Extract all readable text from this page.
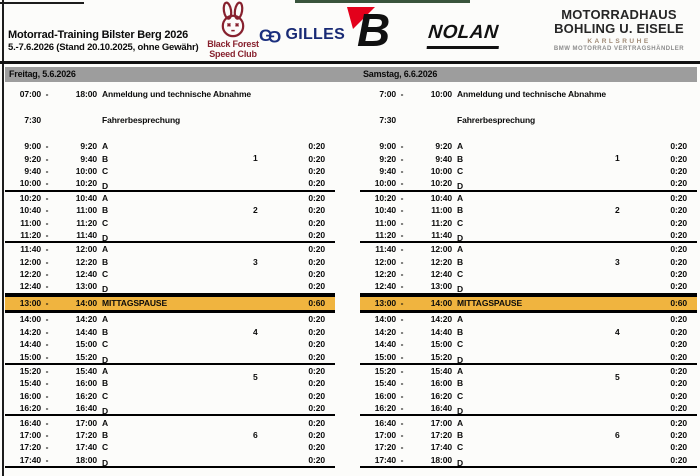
Motorrad-Training Bilster Berg 2026
5.-7.6.2026 (Stand 20.10.2025, ohne Gewähr) Black Forest
Speed Club
GG GILLES B NOLAN
MOTORRADHAUS
BOHLING U. EISELE
KARLSRUHE
BMW MOTORRAD VERTRAGSHÄNDLER
Freitag, 5.6.2026	Samstag, 6.6.2026
07:00 -	18:00 Anmeldung und technische Abnahme
7:30	Fahrerbesprechung
9:00 -	9:20 A	0:20
9:20 -	9:40 B	0:20
9:40 -	10:00 C	0:20
10:00 -	10:20 D	0:20
1
10:20 -	10:40 A	0:20
10:40 -	11:00 B	0:20
11:00 -	11:20 C	0:20
11:20 -	11:40 D	0:20
2
11:40 -	12:00 A	0:20
12:00 -	12:20 B	0:20
12:20 -	12:40 C	0:20
12:40 -	13:00 D	0:20
3
13:00 -	14:00 MITTAGSPAUSE	0:60
14:00 -	14:20 A	0:20
14:20 -	14:40 B	0:20
14:40 -	15:00 C	0:20
15:00 -	15:20 D	0:20
4
15:20 -	15:40 A	0:20
15:40 -	16:00 B	0:20
16:00 -	16:20 C	0:20
16:20 -	16:40 D	0:20
5
16:40 -	17:00 A	0:20
17:00 -	17:20 B	0:20
17:20 -	17:40 C	0:20
17:40 -	18:00 D	0:20
6
7:00 -	10:00 Anmeldung und technische Abnahme
7:30	Fahrerbesprechung
9:00 -	9:20 A	0:20
9:20 -	9:40 B	0:20
9:40 -	10:00 C	0:20
10:00 -	10:20 D	0:20
1
10:20 -	10:40 A	0:20
10:40 -	11:00 B	0:20
11:00 -	11:20 C	0:20
11:20 -	11:40 D	0:20
2
11:40 -	12:00 A	0:20
12:00 -	12:20 B	0:20
12:20 -	12:40 C	0:20
12:40 -	13:00 D	0:20
3
13:00 -	14:00 MITTAGSPAUSE	0:60
14:00 -	14:20 A	0:20
14:20 -	14:40 B	0:20
14:40 -	15:00 C	0:20
15:00 -	15:20 D	0:20
4
15:20 -	15:40 A	0:20
15:40 -	16:00 B	0:20
16:00 -	16:20 C	0:20
16:20 -	16:40 D	0:20
5
16:40 -	17:00 A	0:20
17:00 -	17:20 B	0:20
17:20 -	17:40 C	0:20
17:40 -	18:00 D	0:20
6
